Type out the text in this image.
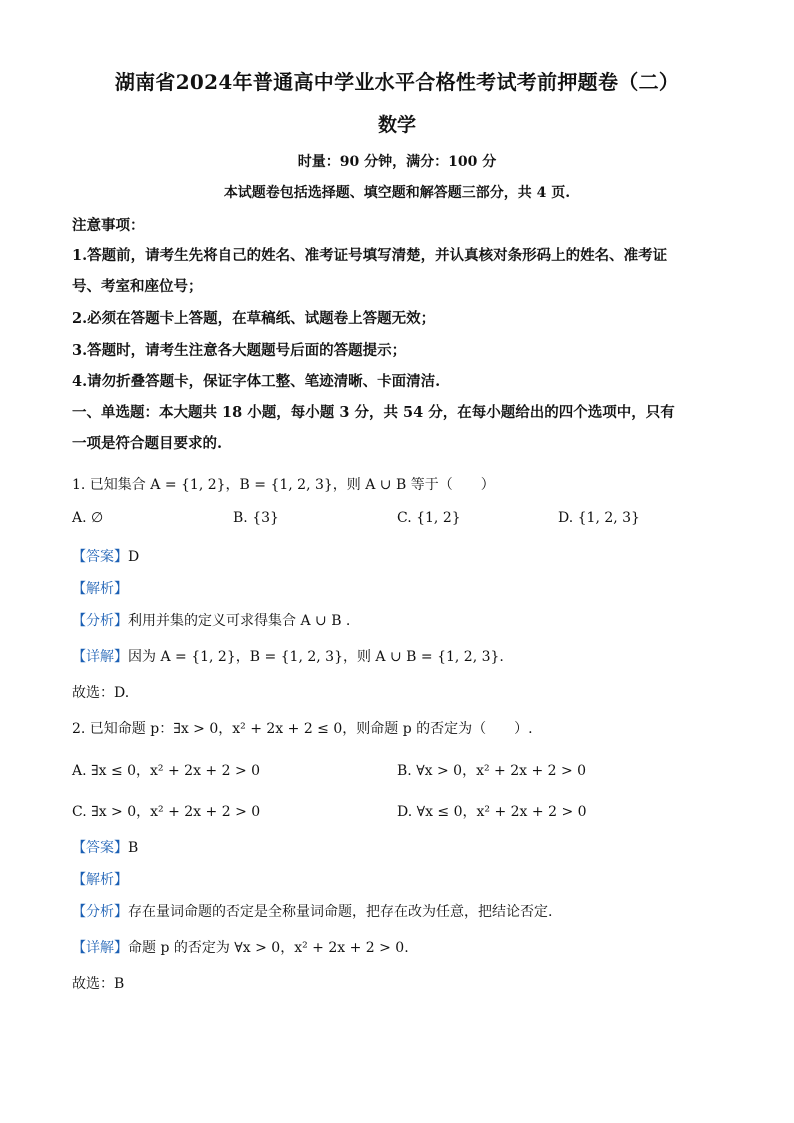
湖南省2024年普通高中学业水平合格性考试考前押题卷（二）
数学
时量：90 分钟，满分：100 分
本试题卷包括选择题、填空题和解答题三部分，共 4 页.
注意事项：
1.答题前，请考生先将自己的姓名、准考证号填写清楚，并认真核对条形码上的姓名、准考证
号、考室和座位号；
2.必须在答题卡上答题，在草稿纸、试题卷上答题无效；
3.答题时，请考生注意各大题题号后面的答题提示；
4.请勿折叠答题卡，保证字体工整、笔迹清晰、卡面清洁.
一、单选题：本大题共 18 小题，每小题 3 分，共 54 分，在每小题给出的四个选项中，只有
一项是符合题目要求的.
1. 已知集合 A = {1, 2}，B = {1, 2, 3}，则 A ∪ B 等于（　　）
A. ∅	B. {3}	C. {1, 2}	D. {1, 2, 3}
【答案】D
【解析】
【分析】利用并集的定义可求得集合 A ∪ B .
【详解】因为 A = {1, 2}，B = {1, 2, 3}，则 A ∪ B = {1, 2, 3}.
故选：D.
2. 已知命题 p：∃x > 0，x² + 2x + 2 ≤ 0，则命题 p 的否定为（　　）.
A. ∃x ≤ 0，x² + 2x + 2 > 0	B. ∀x > 0，x² + 2x + 2 > 0
C. ∃x > 0，x² + 2x + 2 > 0	D. ∀x ≤ 0，x² + 2x + 2 > 0
【答案】B
【解析】
【分析】存在量词命题的否定是全称量词命题，把存在改为任意，把结论否定.
【详解】命题 p 的否定为 ∀x > 0，x² + 2x + 2 > 0.
故选：B
